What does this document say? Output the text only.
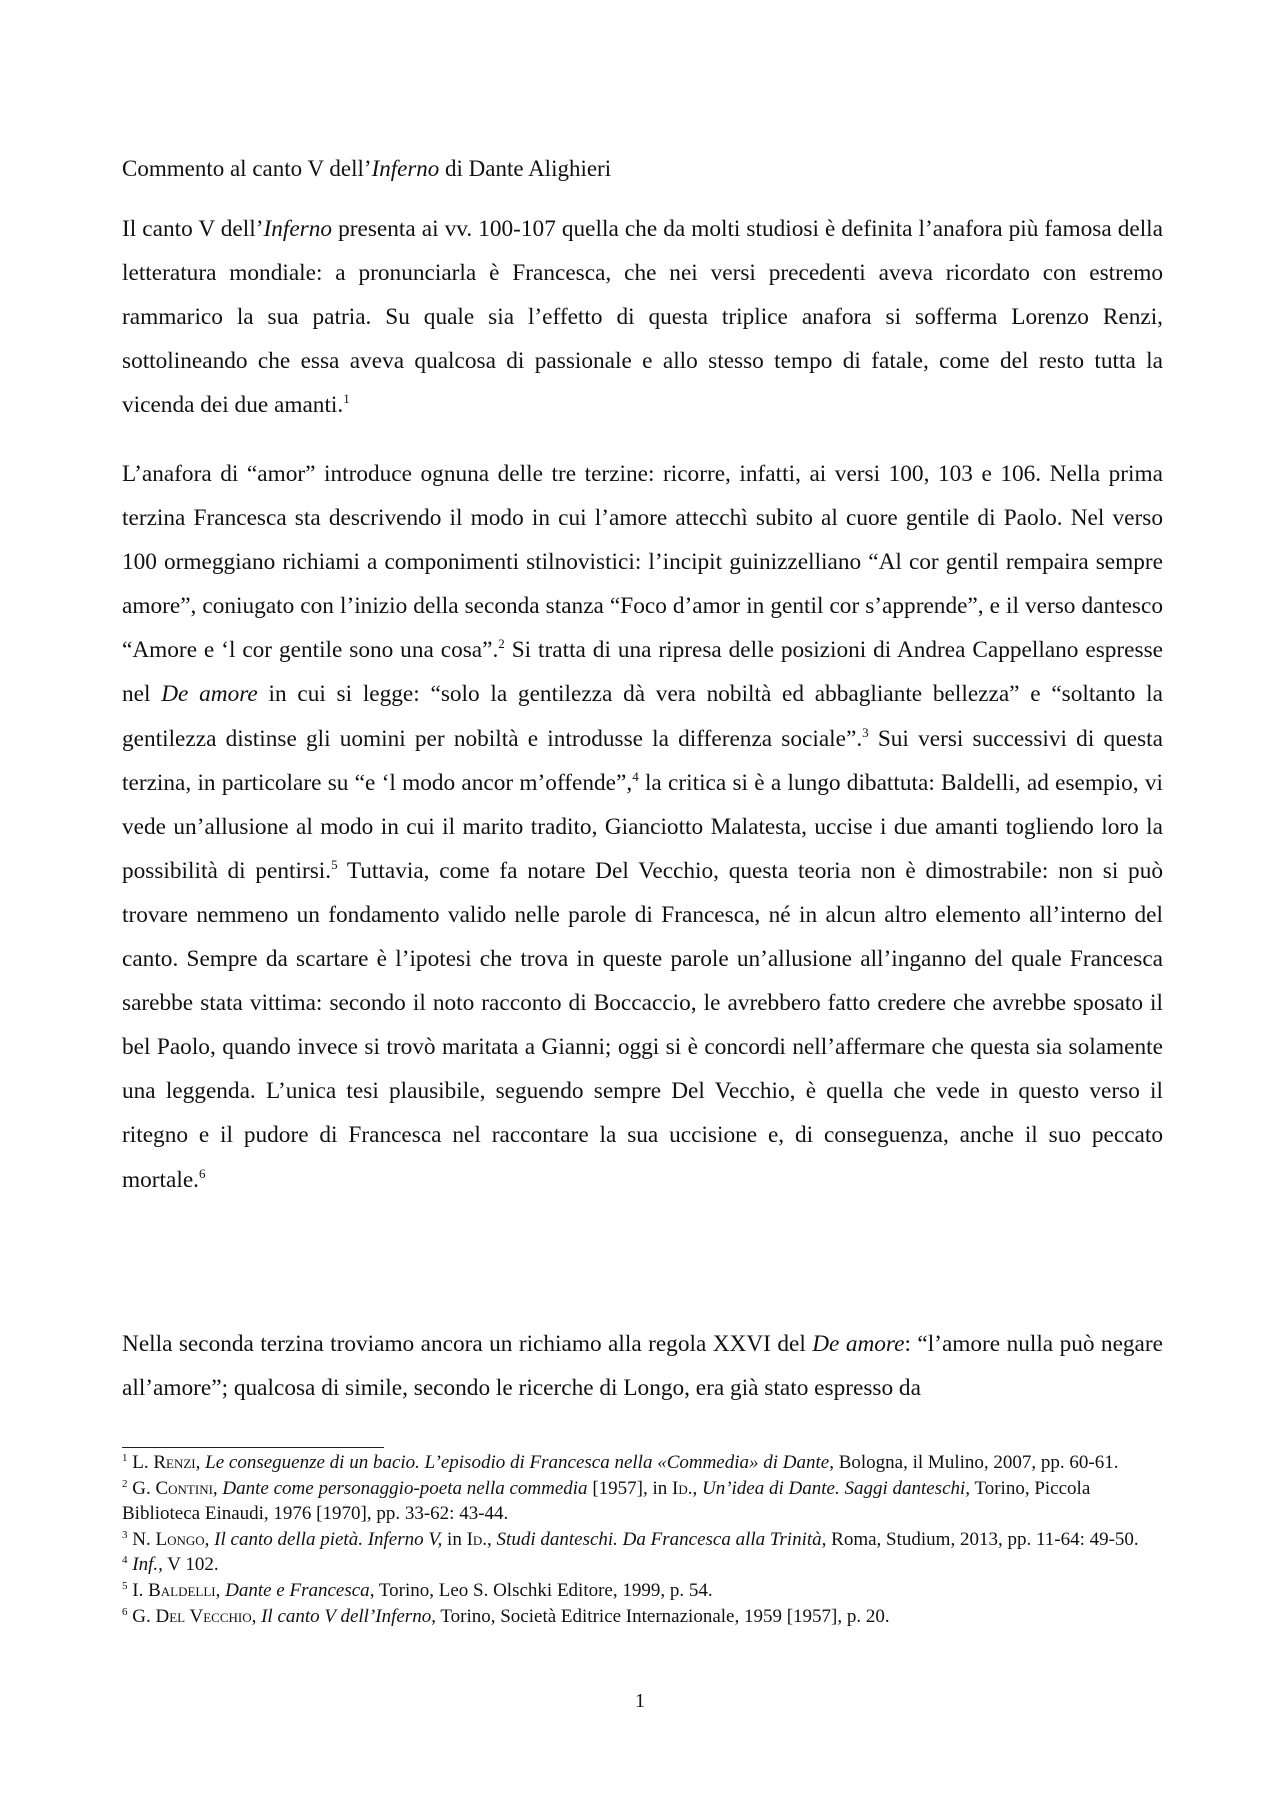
Commento al canto V dell’Inferno di Dante Alighieri

Il canto V dell’Inferno presenta ai vv. 100-107 quella che da molti studiosi è definita l’anafora più famosa della letteratura mondiale: a pronunciarla è Francesca, che nei versi precedenti aveva ricordato con estremo rammarico la sua patria. Su quale sia l’effetto di questa triplice anafora si sofferma Lorenzo Renzi, sottolineando che essa aveva qualcosa di passionale e allo stesso tempo di fatale, come del resto tutta la vicenda dei due amanti.$^1$

L’anafora di “amor” introduce ognuna delle tre terzine: ricorre, infatti, ai versi 100, 103 e 106. Nella prima terzina Francesca sta descrivendo il modo in cui l’amore attecchì subito al cuore gentile di Paolo. Nel verso 100 ormeggiano richiami a componimenti stilnovistici: l’incipit guinizzelliano “Al cor gentil rempaira sempre amore”, coniugato con l’inizio della seconda stanza “Foco d’amor in gentil cor s’apprende”, e il verso dantesco “Amore e ‘l cor gentile sono una cosa”.$^2$ Si tratta di una ripresa delle posizioni di Andrea Cappellano espresse nel De amore in cui si legge: “solo la gentilezza dà vera nobiltà ed abbagliante bellezza” e “soltanto la gentilezza distinse gli uomini per nobiltà e introdusse la differenza sociale”.$^3$ Sui versi successivi di questa terzina, in particolare su “e ‘l modo ancor m’offende”,$^4$ la critica si è a lungo dibattuta: Baldelli, ad esempio, vi vede un’allusione al modo in cui il marito tradito, Gianciotto Malatesta, uccise i due amanti togliendo loro la possibilità di pentirsi.$^5$ Tuttavia, come fa notare Del Vecchio, questa teoria non è dimostrabile: non si può trovare nemmeno un fondamento valido nelle parole di Francesca, né in alcun altro elemento all’interno del canto. Sempre da scartare è l’ipotesi che trova in queste parole un’allusione all’inganno del quale Francesca sarebbe stata vittima: secondo il noto racconto di Boccaccio, le avrebbero fatto credere che avrebbe sposato il bel Paolo, quando invece si trovò maritata a Gianni; oggi si è concordi nell’affermare che questa sia solamente una leggenda. L’unica tesi plausibile, seguendo sempre Del Vecchio, è quella che vede in questo verso il ritegno e il pudore di Francesca nel raccontare la sua uccisione e, di conseguenza, anche il suo peccato mortale.$^6$

Nella seconda terzina troviamo ancora un richiamo alla regola XXVI del De amore: “l’amore nulla può negare all’amore”; qualcosa di simile, secondo le ricerche di Longo, era già stato espresso da

$^1$ L. Renzi, Le conseguenze di un bacio. L’episodio di Francesca nella «Commedia» di Dante, Bologna, il Mulino, 2007, pp. 60-61.

$^2$ G. Contini, Dante come personaggio-poeta nella commedia [1957], in Id., Un’idea di Dante. Saggi danteschi, Torino, Piccola Biblioteca Einaudi, 1976 [1970], pp. 33-62: 43-44.

$^3$ N. Longo, Il canto della pietà. Inferno V, in Id., Studi danteschi. Da Francesca alla Trinità, Roma, Studium, 2013, pp. 11-64: 49-50.

$^4$ Inf., V 102.

$^5$ I. Baldelli, Dante e Francesca, Torino, Leo S. Olschki Editore, 1999, p. 54.

$^6$ G. Del Vecchio, Il canto V dell’Inferno, Torino, Società Editrice Internazionale, 1959 [1957], p. 20.

1
